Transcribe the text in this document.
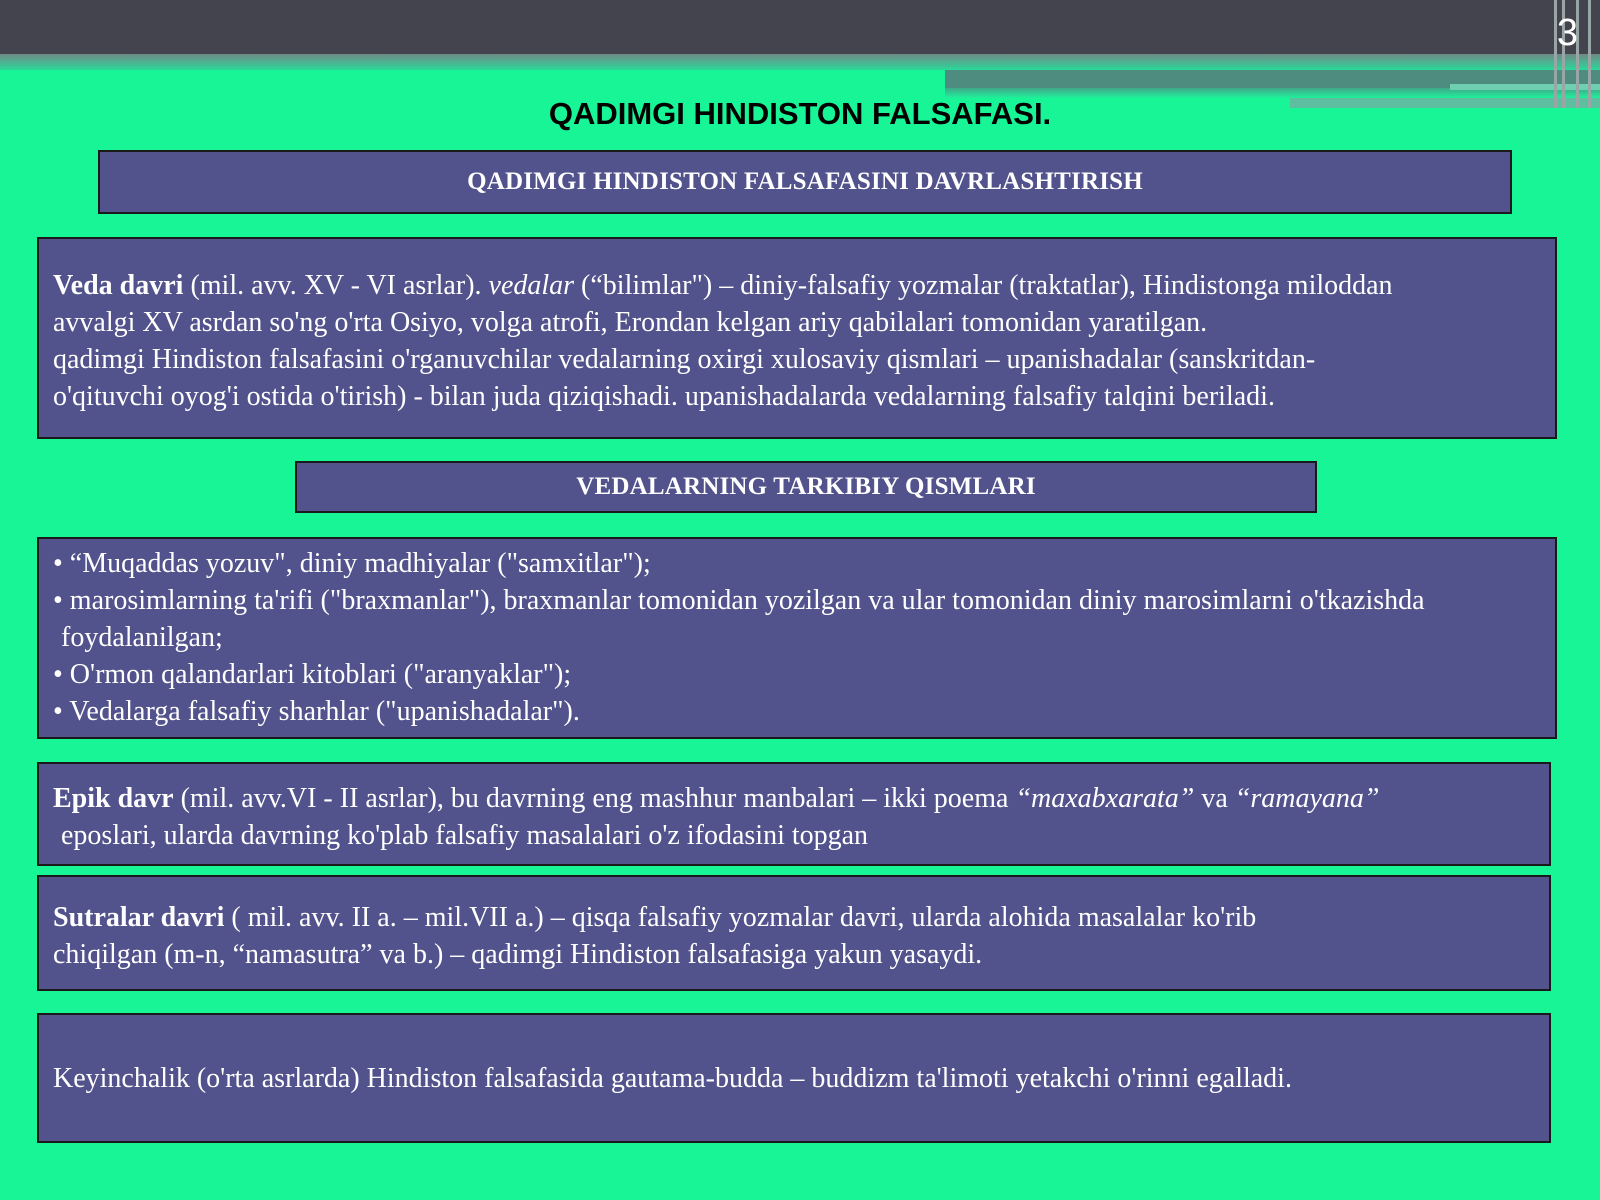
3
QADIMGI HINDISTON FALSAFASI.
QADIMGI HINDISTON FALSAFASINI DAVRLASHTIRISH

Veda davri (mil. avv. XV - VI asrlar). vedalar (“bilimlar") – diniy-falsafiy yozmalar (traktatlar), Hindistonga miloddan

avvalgi XV asrdan so'ng o'rta Osiyo, volga atrofi, Erondan kelgan ariy qabilalari tomonidan yaratilgan.

qadimgi Hindiston falsafasini o'rganuvchilar vedalarning oxirgi xulosaviy qismlari – upanishadalar (sanskritdan-

o'qituvchi oyog'i ostida o'tirish) - bilan juda qiziqishadi. upanishadalarda vedalarning falsafiy talqini beriladi.

VEDALARNING TARKIBIY QISMLARI
• “Muqaddas yozuv", diniy madhiyalar ("samxitlar");
• marosimlarning ta'rifi ("braxmanlar"), braxmanlar tomonidan yozilgan va ular tomonidan diniy marosimlarni o'tkazishda
foydalanilgan;
• O'rmon qalandarlari kitoblari ("aranyaklar");
• Vedalarga falsafiy sharhlar ("upanishadalar").

Epik davr (mil. avv.VI - II asrlar), bu davrning eng mashhur manbalari – ikki poema “maxabxarata” va “ramayana”

eposlari, ularda davrning ko'plab falsafiy masalalari o'z ifodasini topgan

Sutralar davri ( mil. avv. II a. – mil.VII a.) – qisqa falsafiy yozmalar davri, ularda alohida masalalar ko'rib

chiqilgan (m-n, “namasutra” va b.) – qadimgi Hindiston falsafasiga yakun yasaydi.

Keyinchalik (o'rta asrlarda) Hindiston falsafasida gautama-budda – buddizm ta'limoti yetakchi o'rinni egalladi.
